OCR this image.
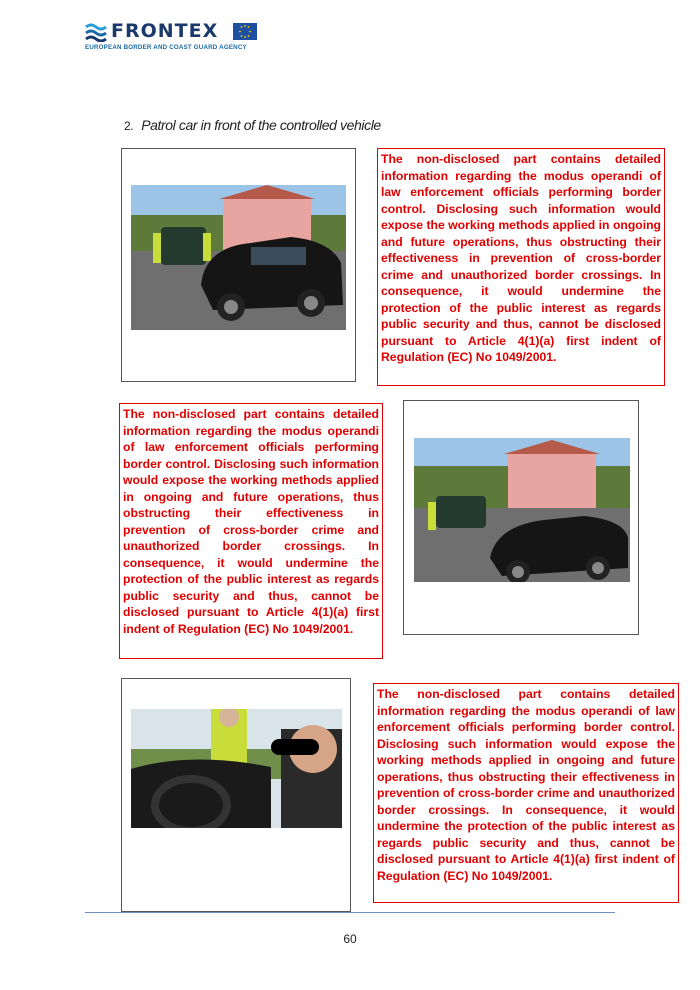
FRONTEX
EUROPEAN BORDER AND COAST GUARD AGENCY
2. Patrol car in front of the controlled vehicle
The non-disclosed part contains detailed information regarding the modus operandi of law enforcement officials performing border control. Disclosing such information would expose the working methods applied in ongoing and future operations, thus obstructing their effectiveness in prevention of cross-border crime and unauthorized border crossings. In consequence, it would undermine the protection of the public interest as regards public security and thus, cannot be disclosed pursuant to Article 4(1)(a) first indent of Regulation (EC) No 1049/2001.
The non-disclosed part contains detailed information regarding the modus operandi of law enforcement officials performing border control. Disclosing such information would expose the working methods applied in ongoing and future operations, thus obstructing their effectiveness in prevention of cross-border crime and unauthorized border crossings. In consequence, it would undermine the protection of the public interest as regards public security and thus, cannot be disclosed pursuant to Article 4(1)(a) first indent of Regulation (EC) No 1049/2001.
The non-disclosed part contains detailed information regarding the modus operandi of law enforcement officials performing border control. Disclosing such information would expose the working methods applied in ongoing and future operations, thus obstructing their effectiveness in prevention of cross-border crime and unauthorized border crossings. In consequence, it would undermine the protection of the public interest as regards public security and thus, cannot be disclosed pursuant to Article 4(1)(a) first indent of Regulation (EC) No 1049/2001.
60
